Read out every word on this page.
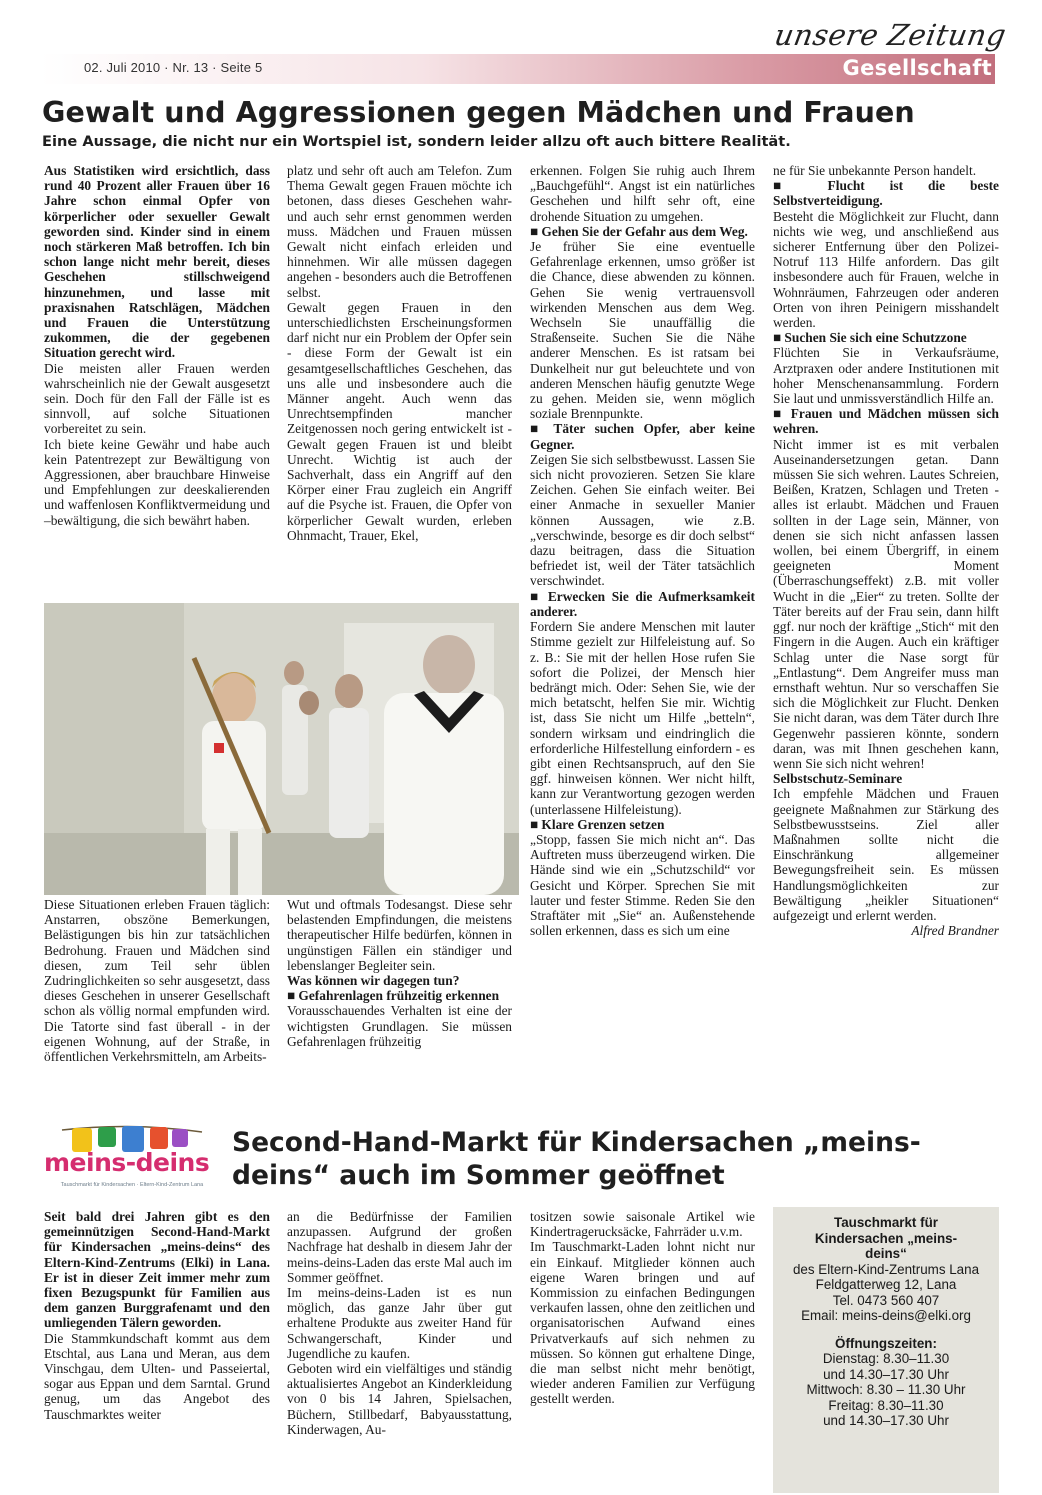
02. Juli 2010 · Nr. 13 · Seite 5	Gesellschaft
unsere Zeitung
Gewalt und Aggressionen gegen Mädchen und Frauen
Eine Aussage, die nicht nur ein Wortspiel ist, sondern leider allzu oft auch bittere Realität.

Aus Statistiken wird ersichtlich, dass rund 40 Prozent aller Frauen über 16 Jahre schon einmal Opfer von körperlicher oder sexueller Gewalt geworden sind. Kinder sind in einem noch stärkeren Maß betroffen. Ich bin schon lange nicht mehr bereit, dieses Geschehen stillschweigend hinzunehmen, und lasse mit praxisnahen Ratschlägen, Mädchen und Frauen die Unterstützung zukommen, die der gegebenen Situation gerecht wird.

Die meisten aller Frauen werden wahrscheinlich nie der Gewalt ausgesetzt sein. Doch für den Fall der Fälle ist es sinnvoll, auf solche Situationen vorbereitet zu sein.

Ich biete keine Gewähr und habe auch kein Patentrezept zur Bewältigung von Aggressionen, aber brauchbare Hinweise und Empfehlungen zur deeskalierenden und waffenlosen Konfliktvermeidung und –bewältigung, die sich bewährt haben.

platz und sehr oft auch am Telefon. Zum Thema Gewalt gegen Frauen möchte ich betonen, dass dieses Geschehen wahr- und auch sehr ernst genommen werden muss. Mädchen und Frauen müssen Gewalt nicht einfach erleiden und hinnehmen. Wir alle müssen dagegen angehen - besonders auch die Betroffenen selbst.

Gewalt gegen Frauen in den unterschiedlichsten Erscheinungsformen darf nicht nur ein Problem der Opfer sein - diese Form der Gewalt ist ein gesamtgesellschaftliches Geschehen, das uns alle und insbesondere auch die Männer angeht. Auch wenn das Unrechtsempfinden mancher Zeitgenossen noch gering entwickelt ist - Gewalt gegen Frauen ist und bleibt Unrecht. Wichtig ist auch der Sachverhalt, dass ein Angriff auf den Körper einer Frau zugleich ein Angriff auf die Psyche ist. Frauen, die Opfer von körperlicher Gewalt wurden, erleben Ohnmacht, Trauer, Ekel,

Diese Situationen erleben Frauen täglich: Anstarren, obszöne Bemerkungen, Belästigungen bis hin zur tatsächlichen Bedrohung. Frauen und Mädchen sind diesen, zum Teil sehr üblen Zudringlichkeiten so sehr ausgesetzt, dass dieses Geschehen in unserer Gesellschaft schon als völlig normal empfunden wird. Die Tatorte sind fast überall - in der eigenen Wohnung, auf der Straße, in öffentlichen Verkehrsmitteln, am Arbeits-

Wut und oftmals Todesangst. Diese sehr belastenden Empfindungen, die meistens therapeutischer Hilfe bedürfen, können in ungünstigen Fällen ein ständiger und lebenslanger Begleiter sein.

Was können wir dagegen tun?

■ Gefahrenlagen frühzeitig erkennen

Vorausschauendes Verhalten ist eine der wichtigsten Grundlagen. Sie müssen Gefahrenlagen frühzeitig

erkennen. Folgen Sie ruhig auch Ihrem „Bauchgefühl“. Angst ist ein natürliches Geschehen und hilft sehr oft, eine drohende Situation zu umgehen.

■ Gehen Sie der Gefahr aus dem Weg.

Je früher Sie eine eventuelle Gefahrenlage erkennen, umso größer ist die Chance, diese abwenden zu können. Gehen Sie wenig vertrauensvoll wirkenden Menschen aus dem Weg. Wechseln Sie unauffällig die Straßenseite. Suchen Sie die Nähe anderer Menschen. Es ist ratsam bei Dunkelheit nur gut beleuchtete und von anderen Menschen häufig genutzte Wege zu gehen. Meiden sie, wenn möglich soziale Brennpunkte.

■ Täter suchen Opfer, aber keine Gegner.

Zeigen Sie sich selbstbewusst. Lassen Sie sich nicht provozieren. Setzen Sie klare Zeichen. Gehen Sie einfach weiter. Bei einer Anmache in sexueller Manier können Aussagen, wie z.B. „verschwinde, besorge es dir doch selbst“ dazu beitragen, dass die Situation befriedet ist, weil der Täter tatsächlich verschwindet.

■ Erwecken Sie die Aufmerksamkeit anderer.

Fordern Sie andere Menschen mit lauter Stimme gezielt zur Hilfeleistung auf. So z. B.: Sie mit der hellen Hose rufen Sie sofort die Polizei, der Mensch hier bedrängt mich. Oder: Sehen Sie, wie der mich betatscht, helfen Sie mir. Wichtig ist, dass Sie nicht um Hilfe „betteln“, sondern wirksam und eindringlich die erforderliche Hilfestellung einfordern - es gibt einen Rechtsanspruch, auf den Sie ggf. hinweisen können. Wer nicht hilft, kann zur Verantwortung gezogen werden (unterlassene Hilfeleistung).

■ Klare Grenzen setzen

„Stopp, fassen Sie mich nicht an“. Das Auftreten muss überzeugend wirken. Die Hände sind wie ein „Schutzschild“ vor Gesicht und Körper. Sprechen Sie mit lauter und fester Stimme. Reden Sie den Straftäter mit „Sie“ an. Außenstehende sollen erkennen, dass es sich um eine

ne für Sie unbekannte Person handelt.

■ Flucht ist die beste Selbstverteidigung.

Besteht die Möglichkeit zur Flucht, dann nichts wie weg, und anschließend aus sicherer Entfernung über den Polizei-Notruf 113 Hilfe anfordern. Das gilt insbesondere auch für Frauen, welche in Wohnräumen, Fahrzeugen oder anderen Orten von ihren Peinigern misshandelt werden.

■ Suchen Sie sich eine Schutzzone

Flüchten Sie in Verkaufsräume, Arztpraxen oder andere Institutionen mit hoher Menschenansammlung. Fordern Sie laut und unmissverständlich Hilfe an.

■ Frauen und Mädchen müssen sich wehren.

Nicht immer ist es mit verbalen Auseinandersetzungen getan. Dann müssen Sie sich wehren. Lautes Schreien, Beißen, Kratzen, Schlagen und Treten - alles ist erlaubt. Mädchen und Frauen sollten in der Lage sein, Männer, von denen sie sich nicht anfassen lassen wollen, bei einem Übergriff, in einem geeigneten Moment (Überraschungseffekt) z.B. mit voller Wucht in die „Eier“ zu treten. Sollte der Täter bereits auf der Frau sein, dann hilft ggf. nur noch der kräftige „Stich“ mit den Fingern in die Augen. Auch ein kräftiger Schlag unter die Nase sorgt für „Entlastung“. Dem Angreifer muss man ernsthaft wehtun. Nur so verschaffen Sie sich die Möglichkeit zur Flucht. Denken Sie nicht daran, was dem Täter durch Ihre Gegenwehr passieren könnte, sondern daran, was mit Ihnen geschehen kann, wenn Sie sich nicht wehren!

Selbstschutz-Seminare

Ich empfehle Mädchen und Frauen geeignete Maßnahmen zur Stärkung des Selbstbewusstseins. Ziel aller Maßnahmen sollte nicht die Einschränkung allgemeiner Bewegungsfreiheit sein. Es müssen Handlungsmöglichkeiten zur Bewältigung „heikler Situationen“ aufgezeigt und erlernt werden.

Alfred Brandner

meins-deins
Tauschmarkt für Kindersachen · Eltern-Kind-Zentrum Lana
Second-Hand-Markt für Kindersachen „meins-deins“ auch im Sommer geöffnet

Seit bald drei Jahren gibt es den gemeinnützigen Second-Hand-Markt für Kindersachen „meins-deins“ des Eltern-Kind-Zentrums (Elki) in Lana. Er ist in dieser Zeit immer mehr zum fixen Bezugspunkt für Familien aus dem ganzen Burggrafenamt und den umliegenden Tälern geworden.

Die Stammkundschaft kommt aus dem Etschtal, aus Lana und Meran, aus dem Vinschgau, dem Ulten- und Passeiertal, sogar aus Eppan und dem Sarntal. Grund genug, um das Angebot des Tauschmarktes weiter

an die Bedürfnisse der Familien anzupassen. Aufgrund der großen Nachfrage hat deshalb in diesem Jahr der meins-deins-Laden das erste Mal auch im Sommer geöffnet.

Im meins-deins-Laden ist es nun möglich, das ganze Jahr über gut erhaltene Produkte aus zweiter Hand für Schwangerschaft, Kinder und Jugendliche zu kaufen.

Geboten wird ein vielfältiges und ständig aktualisiertes Angebot an Kinderkleidung von 0 bis 14 Jahren, Spielsachen, Büchern, Stillbedarf, Babyausstattung, Kinderwagen, Au-

tositzen sowie saisonale Artikel wie Kindertragerucksäcke, Fahrräder u.v.m.

Im Tauschmarkt-Laden lohnt nicht nur ein Einkauf. Mitglieder können auch eigene Waren bringen und auf Kommission zu einfachen Bedingungen verkaufen lassen, ohne den zeitlichen und organisatorischen Aufwand eines Privatverkaufs auf sich nehmen zu müssen. So können gut erhaltene Dinge, die man selbst nicht mehr benötigt, wieder anderen Familien zur Verfügung gestellt werden.

Tauschmarkt für Kindersachen „meins-deins“
des Eltern-Kind-Zentrums Lana
Feldgatterweg 12, Lana
Tel. 0473 560 407
Email: meins-deins@elki.org
Öffnungszeiten:
Dienstag: 8.30–11.30
und 14.30–17.30 Uhr
Mittwoch: 8.30 – 11.30 Uhr
Freitag: 8.30–11.30
und 14.30–17.30 Uhr
